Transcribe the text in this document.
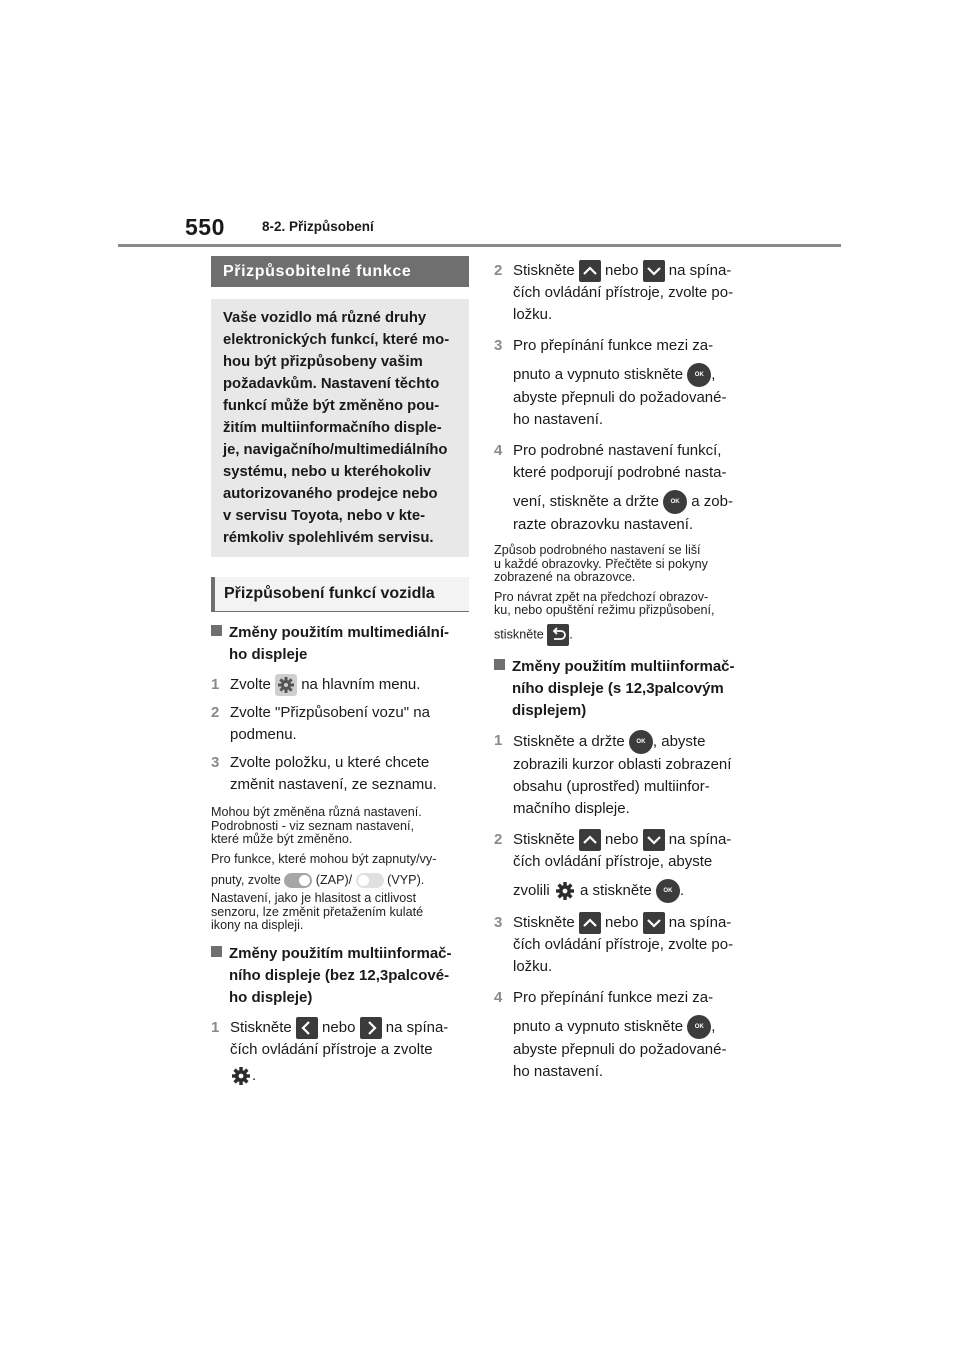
550	8-2. Přizpůsobení
Přizpůsobitelné funkce
Vaše vozidlo má různé druhy
elektronických funkcí, které mo-
hou být přizpůsobeny vašim
požadavkům. Nastavení těchto
funkcí může být změněno pou-
žitím multiinformačního disple-
je, navigačního/multimediálního
systému, nebo u kteréhokoliv
autorizovaného prodejce nebo
v servisu Toyota, nebo v kte-
rémkoliv spolehlivém servisu.
Přizpůsobení funkcí vozidla
Změny použitím multimediální-
ho displeje
1 Zvolte na hlavním menu.
2 Zvolte "Přizpůsobení vozu" na
podmenu.
3 Zvolte položku, u které chcete
změnit nastavení, ze seznamu.
Mohou být změněna různá nastavení.
Podrobnosti - viz seznam nastavení,
které může být změněno.
Pro funkce, které mohou být zapnuty/vy-
pnuty, zvolte	(ZAP)/	(VYP).
Nastavení, jako je hlasitost a citlivost
senzoru, lze změnit přetažením kulaté
ikony na displeji.
Změny použitím multiinformač-
ního displeje (bez 12,3palcové-
ho displeje)
1 Stiskněte nebo na spína-
čích ovládání přístroje a zvolte
.
2 Stiskněte nebo na spína-
čích ovládání přístroje, zvolte po-
ložku.
3 Pro přepínání funkce mezi za-
pnuto a vypnuto stiskněte OK ,
abyste přepnuli do požadované-
ho nastavení.
4 Pro podrobné nastavení funkcí,
které podporují podrobné nasta-
vení, stiskněte a držte OK a zob-
razte obrazovku nastavení.
Způsob podrobného nastavení se liší
u každé obrazovky. Přečtěte si pokyny
zobrazené na obrazovce.
Pro návrat zpět na předchozí obrazov-
ku, nebo opuštění režimu přizpůsobení,
stiskněte .
Změny použitím multiinformač-
ního displeje (s 12,3palcovým
displejem)
1 Stiskněte a držte OK , abyste
zobrazili kurzor oblasti zobrazení
obsahu (uprostřed) multiinfor-
mačního displeje.
2 Stiskněte nebo na spína-
čích ovládání přístroje, abyste
zvolili a stiskněte OK .
3 Stiskněte nebo na spína-
čích ovládání přístroje, zvolte po-
ložku.
4 Pro přepínání funkce mezi za-
pnuto a vypnuto stiskněte OK ,
abyste přepnuli do požadované-
ho nastavení.
